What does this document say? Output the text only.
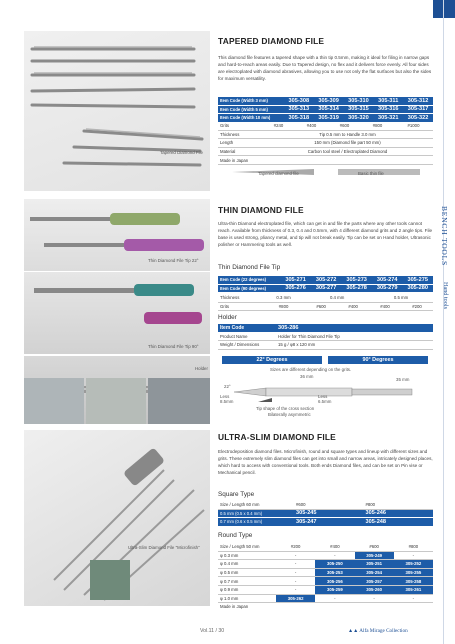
BENCH TOOLS
Hand tools
Tapered Diamond File
TAPERED DIAMOND FILE
This diamond file features a tapered shape with a thin tip 0.5mm, making it ideal for filing in narrow gaps and hard-to-reach areas easily. Due to Tapered design, no flex and it delivers force evenly. All four sides are electroplated with diamond abrasives, allowing you to use not only the flat surfaces but also the sides for maximum versatility.
Item Code (Width 3 mm)	305-308	305-309	305-310	305-311	305-312
Item Code (Width 5 mm)	305-313	305-314	305-315	305-316	305-317
Item Code (Width 10 mm)	305-318	305-319	305-320	305-321	305-322
Grits	#240	#400	#600	#800	#1000
Thickness	Tip 0.5 mm to Handle 3.0 mm				
Length	150 mm (Diamond file part 50 mm)				
Material	Carbon tool steel / Electroplated Diamond				
Made in Japan					
Tapered diamond file	Basic thin file
Thin Diamond File Tip 22°
Thin Diamond File Tip 90°
Holder
THIN DIAMOND FILE
Ultra-thin Diamond electroplated file, which can get in and file the parts where any other tools cannot reach. Available from thickness of 0.3, 0.4 and 0.5mm, with 4 different diamond grits and 2 angle tips. File base is used strong, pliancy metal, and tip will not break easily. Tip can be set on Hand holder, Ultrasonic polisher or Hammering tools as well.
Thin Diamond File Tip
Item Code (22 degrees)	305-271	305-272	305-273	305-274	305-275
Item Code (90 degrees)	305-276	305-277	305-278	305-279	305-280
Thickness	0.3 mm	0.4 mm		0.5 mm	
Grits	#800	#600	#400	#400	#200
Holder
Item Code	305-286
Product Name	Holder for Thin Diamond File Tip
Weight / Dimensions	15 g / φ8 x 120 mm
22° Degrees	90° Degrees
Sizes are different depending on the grits.
36 mm
35 mm
22°
Less 8.5mm
Less 6.5mm
Tip shape of the cross section
Bilaterally asymmetric
Ultra-Slim Diamond File "Microfinish"
ULTRA-SLIM DIAMOND FILE
Electrodeposition diamond files. Microfinish, round and square types and lineup with different sizes and grits. These extremely slim diamond files can get into small and narrow areas, intricately designed places, which hard to access with conventional tools. Both ends Diamond files, and can be set on Pin vise or Mechanical pencil.
Square Type
Size / Length 60 mm	#600	#800
0.5 mm (0.5 x 0.4 mm)	305-245	305-246
0.7 mm (0.6 x 0.5 mm)	305-247	305-248
Round Type
Size / Length 50 mm	#200	#400	#600	#800
φ 0.3 mm	-	-	305-249	-
φ 0.4 mm	-	305-250	305-251	305-252
φ 0.5 mm	-	305-253	305-254	305-255
φ 0.7 mm	-	305-256	305-257	305-258
φ 0.9 mm	-	305-259	305-260	305-261
φ 1.0 mm	305-262	-	-	-
Made in Japan				
Vol.11 / 30	▲▲ Alfa Mirage Collection
